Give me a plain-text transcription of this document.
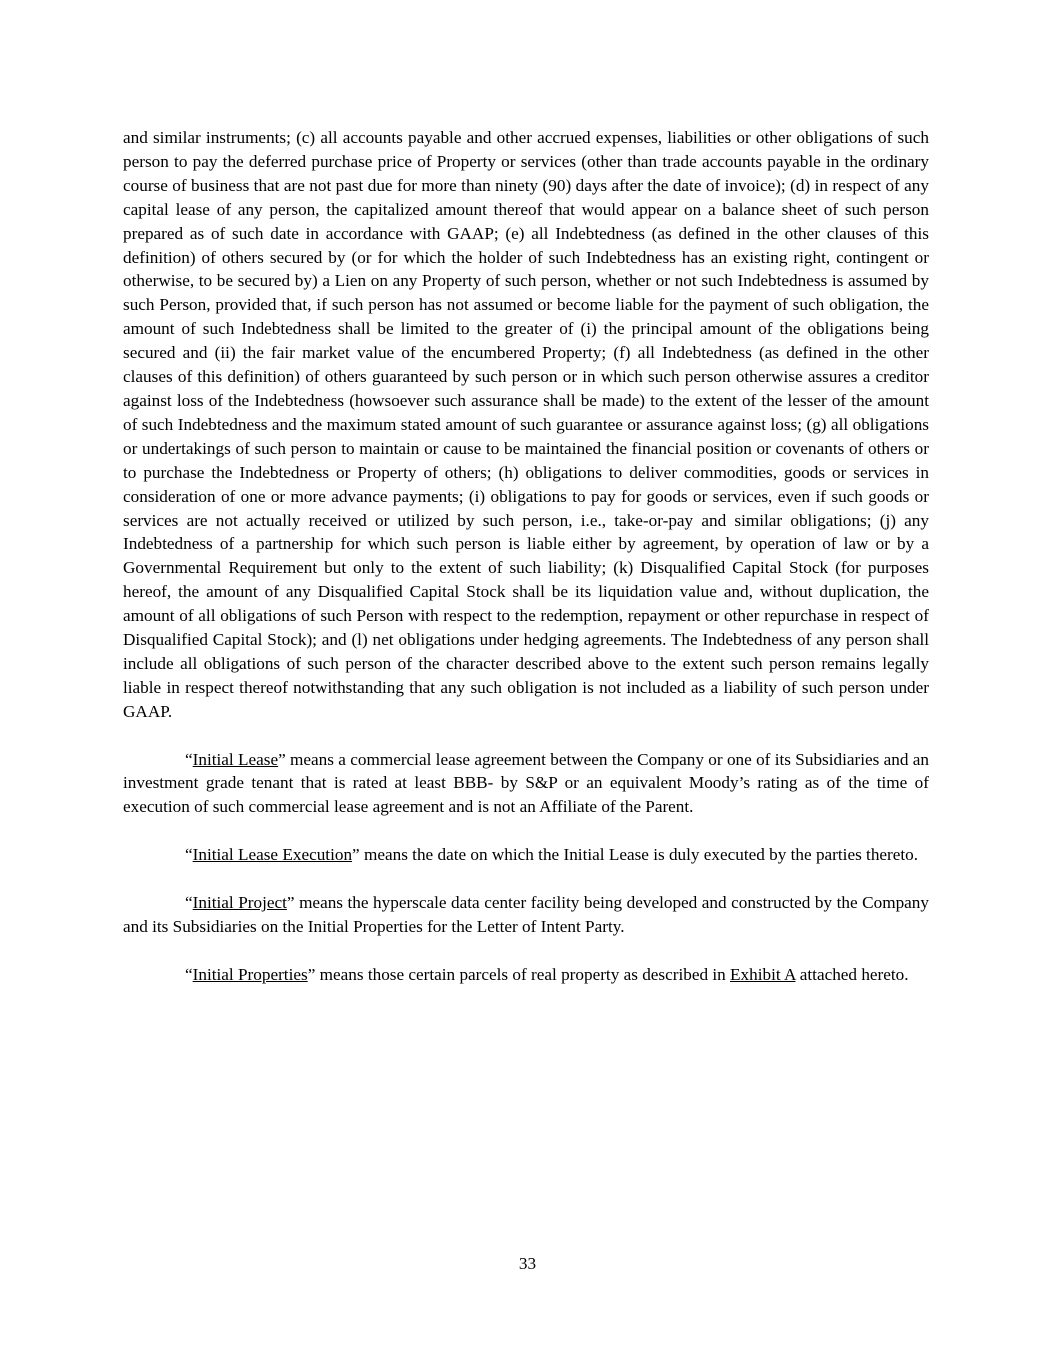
and similar instruments; (c) all accounts payable and other accrued expenses, liabilities or other obligations of such person to pay the deferred purchase price of Property or services (other than trade accounts payable in the ordinary course of business that are not past due for more than ninety (90) days after the date of invoice); (d) in respect of any capital lease of any person, the capitalized amount thereof that would appear on a balance sheet of such person prepared as of such date in accordance with GAAP; (e) all Indebtedness (as defined in the other clauses of this definition) of others secured by (or for which the holder of such Indebtedness has an existing right, contingent or otherwise, to be secured by) a Lien on any Property of such person, whether or not such Indebtedness is assumed by such Person, provided that, if such person has not assumed or become liable for the payment of such obligation, the amount of such Indebtedness shall be limited to the greater of (i) the principal amount of the obligations being secured and (ii) the fair market value of the encumbered Property; (f) all Indebtedness (as defined in the other clauses of this definition) of others guaranteed by such person or in which such person otherwise assures a creditor against loss of the Indebtedness (howsoever such assurance shall be made) to the extent of the lesser of the amount of such Indebtedness and the maximum stated amount of such guarantee or assurance against loss; (g) all obligations or undertakings of such person to maintain or cause to be maintained the financial position or covenants of others or to purchase the Indebtedness or Property of others; (h) obligations to deliver commodities, goods or services in consideration of one or more advance payments; (i) obligations to pay for goods or services, even if such goods or services are not actually received or utilized by such person, i.e., take-or-pay and similar obligations; (j) any Indebtedness of a partnership for which such person is liable either by agreement, by operation of law or by a Governmental Requirement but only to the extent of such liability; (k) Disqualified Capital Stock (for purposes hereof, the amount of any Disqualified Capital Stock shall be its liquidation value and, without duplication, the amount of all obligations of such Person with respect to the redemption, repayment or other repurchase in respect of Disqualified Capital Stock); and (l) net obligations under hedging agreements. The Indebtedness of any person shall include all obligations of such person of the character described above to the extent such person remains legally liable in respect thereof notwithstanding that any such obligation is not included as a liability of such person under GAAP.

“Initial Lease” means a commercial lease agreement between the Company or one of its Subsidiaries and an investment grade tenant that is rated at least BBB- by S&P or an equivalent Moody’s rating as of the time of execution of such commercial lease agreement and is not an Affiliate of the Parent.

“Initial Lease Execution” means the date on which the Initial Lease is duly executed by the parties thereto.

“Initial Project” means the hyperscale data center facility being developed and constructed by the Company and its Subsidiaries on the Initial Properties for the Letter of Intent Party.

“Initial Properties” means those certain parcels of real property as described in Exhibit A attached hereto.

33
